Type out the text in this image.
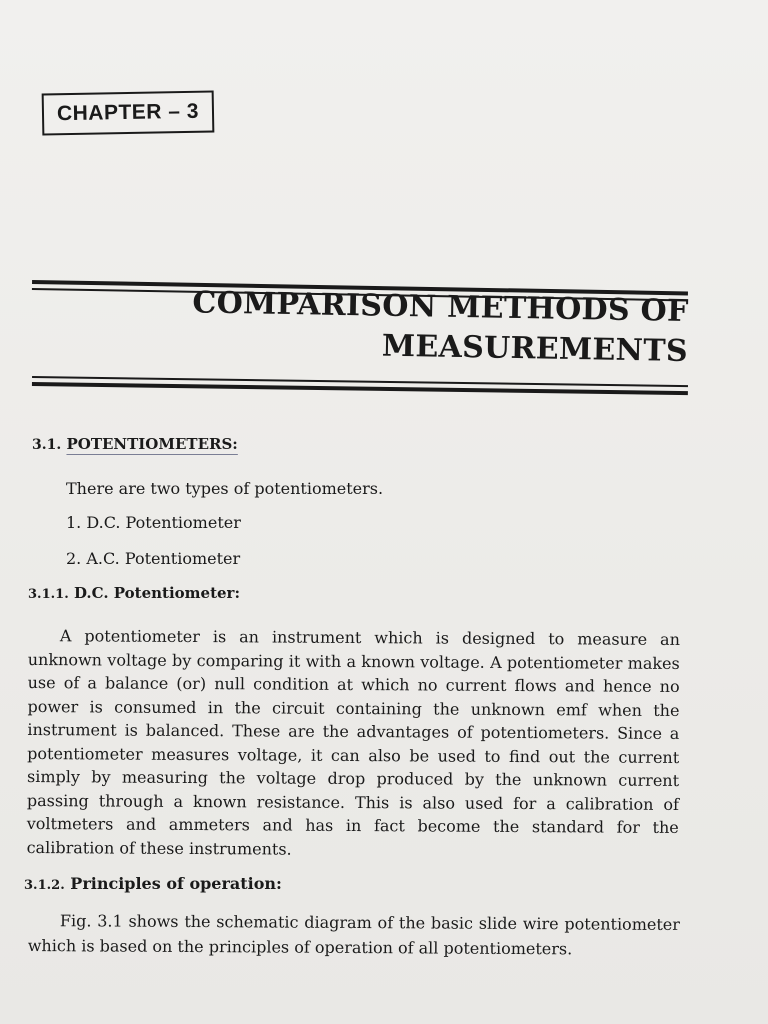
CHAPTER – 3
COMPARISON METHODS OF
MEASUREMENTS
3.1. POTENTIOMETERS:
There are two types of potentiometers.
1. D.C. Potentiometer
2. A.C. Potentiometer
3.1.1. D.C. Potentiometer:
A potentiometer is an instrument which is designed to measure an unknown voltage by comparing it with a known voltage. A potentiometer makes use of a balance (or) null condition at which no current flows and hence no power is consumed in the circuit containing the unknown emf when the instrument is balanced. These are the advantages of potentiometers. Since a potentiometer measures voltage, it can also be used to find out the current simply by measuring the voltage drop produced by the unknown current passing through a known resistance. This is also used for a calibration of voltmeters and ammeters and has in fact become the standard for the calibration of these instruments.
3.1.2. Principles of operation:
Fig. 3.1 shows the schematic diagram of the basic slide wire potentiometer which is based on the principles of operation of all potentiometers.
